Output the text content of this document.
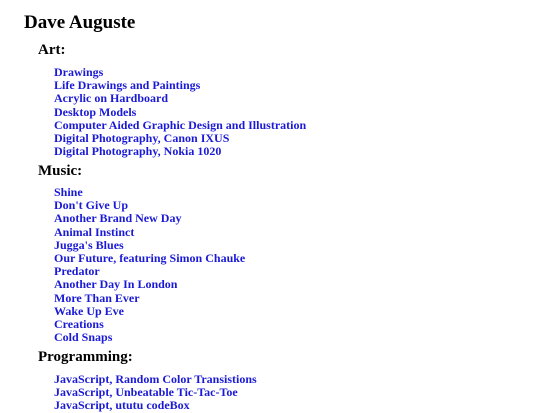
Dave Auguste
Art:
Drawings
Life Drawings and Paintings
Acrylic on Hardboard
Desktop Models
Computer Aided Graphic Design and Illustration
Digital Photography, Canon IXUS
Digital Photography, Nokia 1020
Music:
Shine
Don't Give Up
Another Brand New Day
Animal Instinct
Jugga's Blues
Our Future, featuring Simon Chauke
Predator
Another Day In London
More Than Ever
Wake Up Eve
Creations
Cold Snaps
Programming:
JavaScript, Random Color Transistions
JavaScript, Unbeatable Tic-Tac-Toe
JavaScript, ututu codeBox
